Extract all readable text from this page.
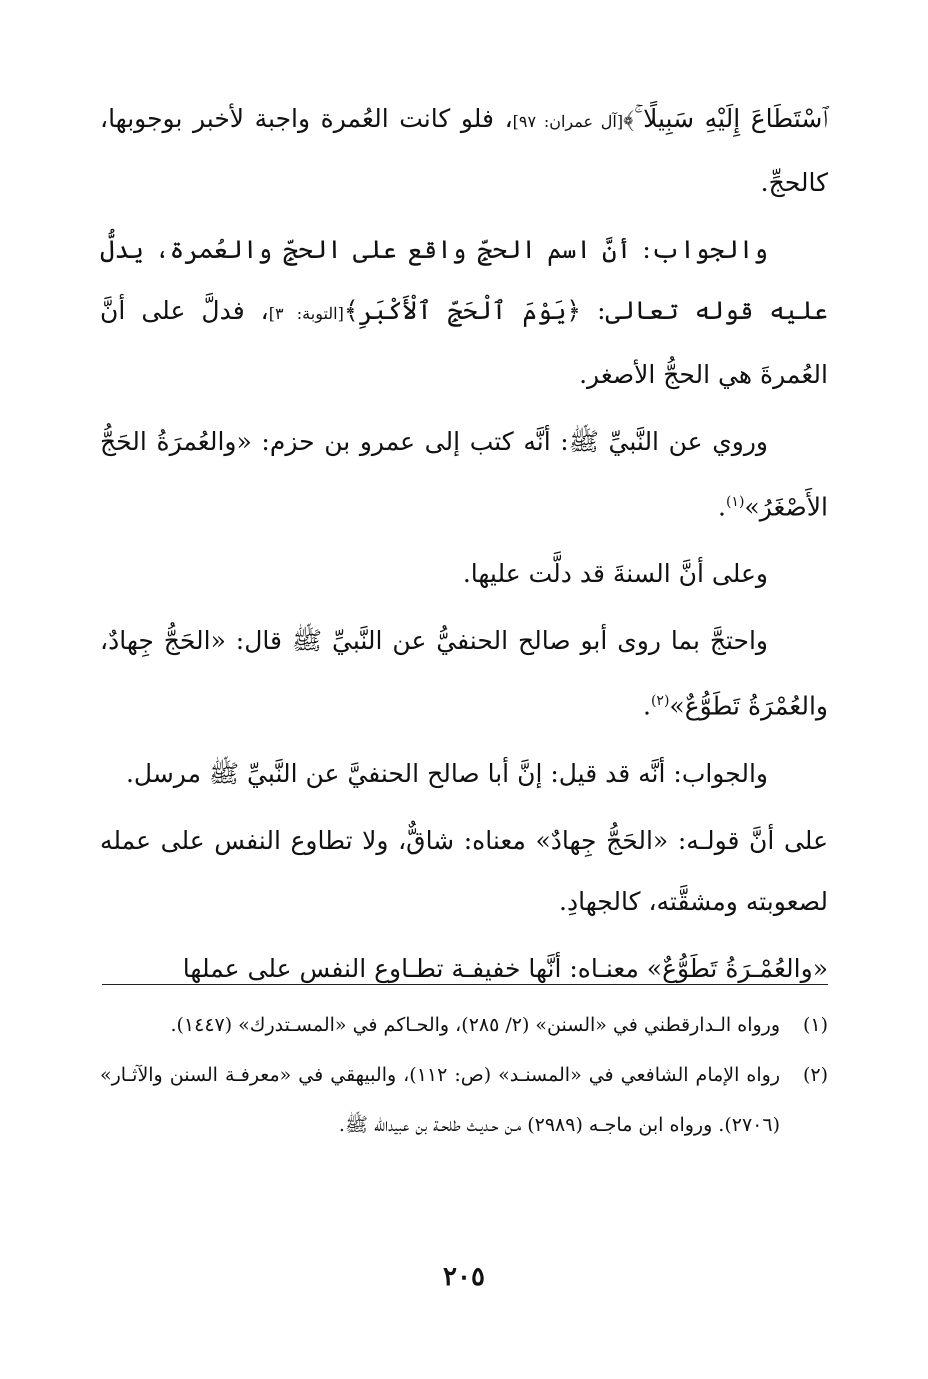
ٱسْتَطَاعَ إِلَيْهِ سَبِيلًا ۚ﴾[آل عمران: ٩٧]، فلو كانت العُمرة واجبة لأخبر بوجوبها، كالحجِّ.

والجواب: أنَّ اسم الحجِّ واقع على الحجِّ والعُمرة، يدلُّ عليه قوله تعالى: ﴿يَوْمَ ٱلْحَجِّ ٱلْأَكْبَرِ﴾[التوبة: ٣]، فدلَّ على أنَّ العُمرةَ هي الحجُّ الأصغر.

وروي عن النَّبيِّ ﷺ: أنَّه كتب إلى عمرو بن حزم: «والعُمرَةُ الحَجُّ الأَصْغَرُ»$^{(١)}$.

وعلى أنَّ السنةَ قد دلَّت عليها.

واحتجَّ بما روى أبو صالح الحنفيُّ عن النَّبيِّ ﷺ قال: «الحَجُّ جِهادٌ، والعُمْرَةُ تَطَوُّعٌ»$^{(٢)}$.

والجواب: أنَّه قد قيل: إنَّ أبا صالح الحنفيَّ عن النَّبيِّ ﷺ مرسل.

على أنَّ قولـه: «الحَجُّ جِهادٌ» معناه: شاقٌّ، ولا تطاوع النفس على عمله لصعوبته ومشقَّته، كالجهادِ.

«والعُمْـرَةُ تَطَوُّعٌ» معنـاه: أنَّها خفيفـة تطـاوع النفس على عملها

(١)
ورواه الـدارقطني في «السنن» (٢/ ٢٨٥)، والحـاكم في «المسـتدرك» (١٤٤٧).
(٢)
رواه الإمام الشافعي في «المسنـد» (ص: ١١٢)، والبيهقي في «معرفـة السنن والآثـار» (٢٧٠٦). ورواه ابن ماجـه (٢٩٨٩) مـن حـديـث طلحـة بن عبيدالله ﷺ.
٢٠٥
